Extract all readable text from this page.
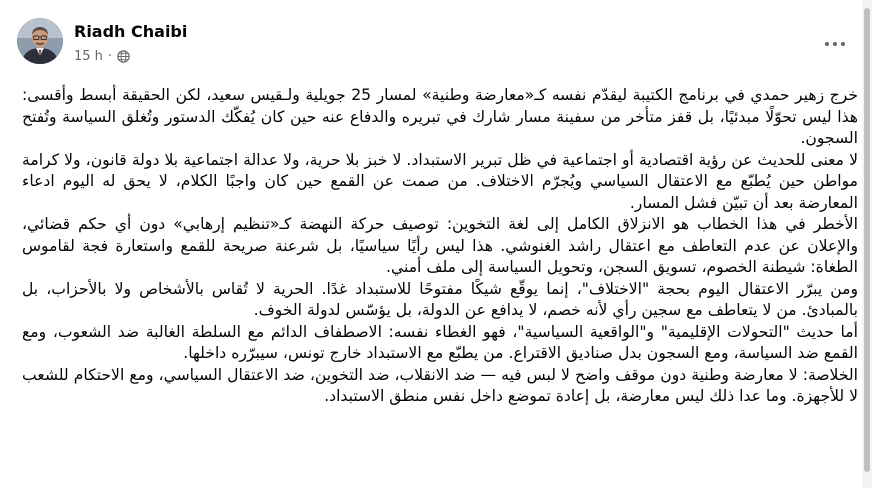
Riadh Chaibi
15 h ·

خرج زهير حمدي في برنامج الكتيبة ليقدّم نفسه كـ«معارضة وطنية» لمسار 25 جويلية ولـقيس سعيد، لكن الحقيقة أبسط وأقسى: هذا ليس تحوّلًا مبدئيًا، بل قفز متأخر من سفينة مسار شارك في تبريره والدفاع عنه حين كان يُفكّك الدستور وتُغلق السياسة وتُفتح السجون.

لا معنى للحديث عن رؤية اقتصادية أو اجتماعية في ظل تبرير الاستبداد. لا خبز بلا حرية، ولا عدالة اجتماعية بلا دولة قانون، ولا كرامة مواطن حين يُطبّع مع الاعتقال السياسي ويُجرّم الاختلاف. من صمت عن القمع حين كان واجبًا الكلام، لا يحق له اليوم ادعاء المعارضة بعد أن تبيّن فشل المسار.

الأخطر في هذا الخطاب هو الانزلاق الكامل إلى لغة التخوين: توصيف حركة النهضة كـ«تنظيم إرهابي» دون أي حكم قضائي، والإعلان عن عدم التعاطف مع اعتقال راشد الغنوشي. هذا ليس رأيًا سياسيًا، بل شرعنة صريحة للقمع واستعارة فجة لقاموس الطغاة: شيطنة الخصوم، تسويق السجن، وتحويل السياسة إلى ملف أمني.

ومن يبرّر الاعتقال اليوم بحجة "الاختلاف"، إنما يوقّع شيكًا مفتوحًا للاستبداد غدًا. الحرية لا تُقاس بالأشخاص ولا بالأحزاب، بل بالمبادئ. من لا يتعاطف مع سجين رأي لأنه خصم، لا يدافع عن الدولة، بل يؤسّس لدولة الخوف.

أما حديث "التحولات الإقليمية" و"الواقعية السياسية"، فهو الغطاء نفسه: الاصطفاف الدائم مع السلطة الغالبة ضد الشعوب، ومع القمع ضد السياسة، ومع السجون بدل صناديق الاقتراع. من يطبّع مع الاستبداد خارج تونس، سيبرّره داخلها.

الخلاصة: لا معارضة وطنية دون موقف واضح لا لبس فيه — ضد الانقلاب، ضد التخوين، ضد الاعتقال السياسي، ومع الاحتكام للشعب لا للأجهزة. وما عدا ذلك ليس معارضة، بل إعادة تموضع داخل نفس منطق الاستبداد.
